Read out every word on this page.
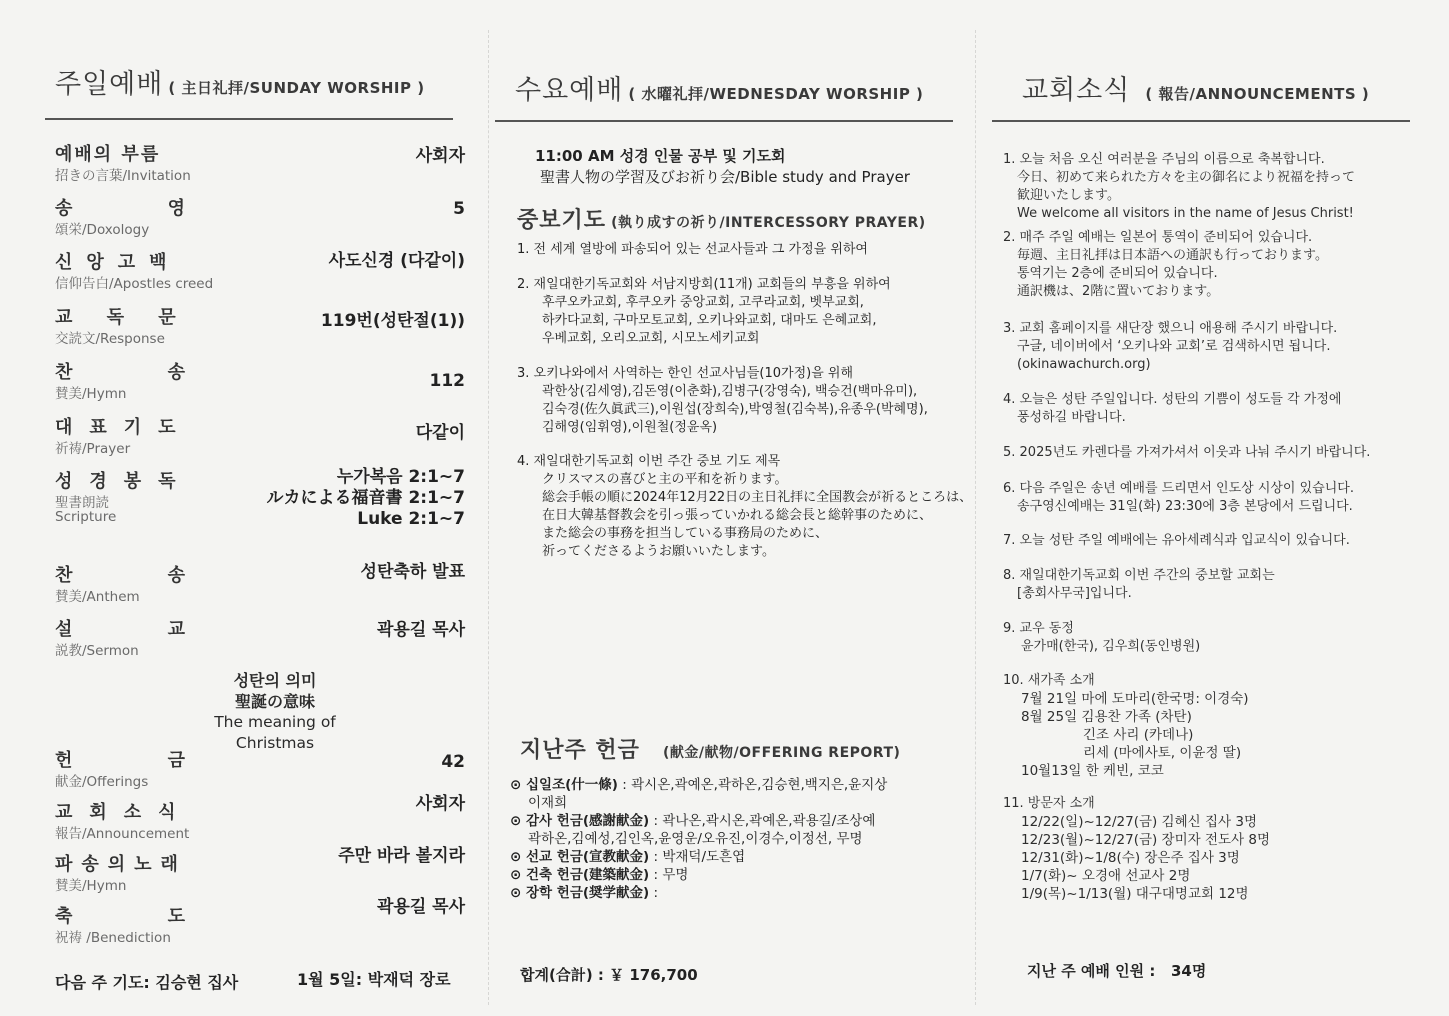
주일예배 ( 主日礼拝/SUNDAY WORSHIP )
예배의 부름
招きの言葉/Invitation
사회자
송 영
頌栄/Doxology
5
신앙고백
信仰告白/Apostles creed
사도신경 (다같이)
교 독 문
交読文/Response
119번(성탄절(1))
찬 송
賛美/Hymn
112
대표기도
祈祷/Prayer
다같이
성경봉독
聖書朗読
Scripture
누가복음 2:1~7
ルカによる福音書 2:1~7
Luke 2:1~7
찬 송
賛美/Anthem
성탄축하 발표
설 교
説教/Sermon
곽용길 목사
성탄의 의미
聖誕の意味
The meaning of Christmas
헌 금
献金/Offerings
42
교회소식
報告/Announcement
사회자
파송의노래
賛美/Hymn
주만 바라 볼지라
축 도
祝祷 /Benediction
곽용길 목사
다음 주 기도: 김승현 집사	1월 5일: 박재덕 장로
수요예배 ( 水曜礼拝/WEDNESDAY WORSHIP )
11:00 AM 성경 인물 공부 및 기도회
聖書人物の学習及びお祈り会/Bible study and Prayer
중보기도 (執り成すの祈り/INTERCESSORY PRAYER)
1. 전 세계 열방에 파송되어 있는 선교사들과 그 가정을 위하여
2. 재일대한기독교회와 서남지방회(11개) 교회들의 부흥을 위하여
후쿠오카교회, 후쿠오카 중앙교회, 고쿠라교회, 벳부교회,
하카다교회, 구마모토교회, 오키나와교회, 대마도 은혜교회,
우베교회, 오리오교회, 시모노세키교회
3. 오키나와에서 사역하는 한인 선교사님들(10가정)을 위해
곽한상(김세영),김돈영(이춘화),김병구(강영숙), 백승건(백마유미),
김숙경(佐久眞武三),이원섭(장희숙),박영철(김숙복),유종우(박혜명),
김해영(임휘영),이원철(정윤옥)
4. 재일대한기독교회 이번 주간 중보 기도 제목
クリスマスの喜びと主の平和を祈ります。
総会手帳の順に2024年12月22日の主日礼拝に全国教会が祈るところは、
在日大韓基督教会を引っ張っていかれる総会長と総幹事のために、
また総会の事務を担当している事務局のために、
祈ってくださるようお願いいたします。
지난주 헌금 (献金/献物/OFFERING REPORT)
⊙ 십일조(什一條) : 곽시온,곽예온,곽하온,김승현,백지은,윤지상
이재희
⊙ 감사 헌금(感謝献金) : 곽나온,곽시온,곽예온,곽용길/조상예
곽하온,김예성,김인옥,윤영운/오유진,이경수,이정선, 무명
⊙ 선교 헌금(宣教献金) : 박재덕/도흔엽
⊙ 건축 헌금(建築献金) : 무명
⊙ 장학 헌금(奨学献金) :
합계(合計) : ￥ 176,700
교회소식 ( 報告/ANNOUNCEMENTS )
1. 오늘 처음 오신 여러분을 주님의 이름으로 축복합니다.
今日、初めて来られた方々を主の御名により祝福を持って
歓迎いたします。
We welcome all visitors in the name of Jesus Christ!
2. 매주 주일 예배는 일본어 통역이 준비되어 있습니다.
毎週、主日礼拝は日本語への通訳も行っております。
통역기는 2층에 준비되어 있습니다.
通訳機は、2階に置いております。
3. 교회 홈페이지를 새단장 했으니 애용해 주시기 바랍니다.
구글, 네이버에서 ‘오키나와 교회’로 검색하시면 됩니다.
(okinawachurch.org)
4. 오늘은 성탄 주일입니다. 성탄의 기쁨이 성도들 각 가정에
풍성하길 바랍니다.
5. 2025년도 카렌다를 가져가셔서 이웃과 나눠 주시기 바랍니다.
6. 다음 주일은 송년 예배를 드리면서 인도상 시상이 있습니다.
송구영신예배는 31일(화) 23:30에 3층 본당에서 드립니다.
7. 오늘 성탄 주일 예배에는 유아세례식과 입교식이 있습니다.
8. 재일대한기독교회 이번 주간의 중보할 교회는
[총회사무국]입니다.
9. 교우 동정
윤가매(한국), 김우희(동인병원)
10. 새가족 소개
7월 21일 마에 도마리(한국명: 이경숙)
8월 25일 김용찬 가족 (차탄)
긴조 사리 (카데나)
리세 (마에사토, 이윤정 딸)
10월13일 한 케빈, 코코
11. 방문자 소개
12/22(일)~12/27(금) 김혜신 집사 3명
12/23(월)~12/27(금) 장미자 전도사 8명
12/31(화)~1/8(수) 장은주 집사 3명
1/7(화)~ 오경애 선교사 2명
1/9(목)~1/13(월) 대구대명교회 12명
지난 주 예배 인원 :   34명
